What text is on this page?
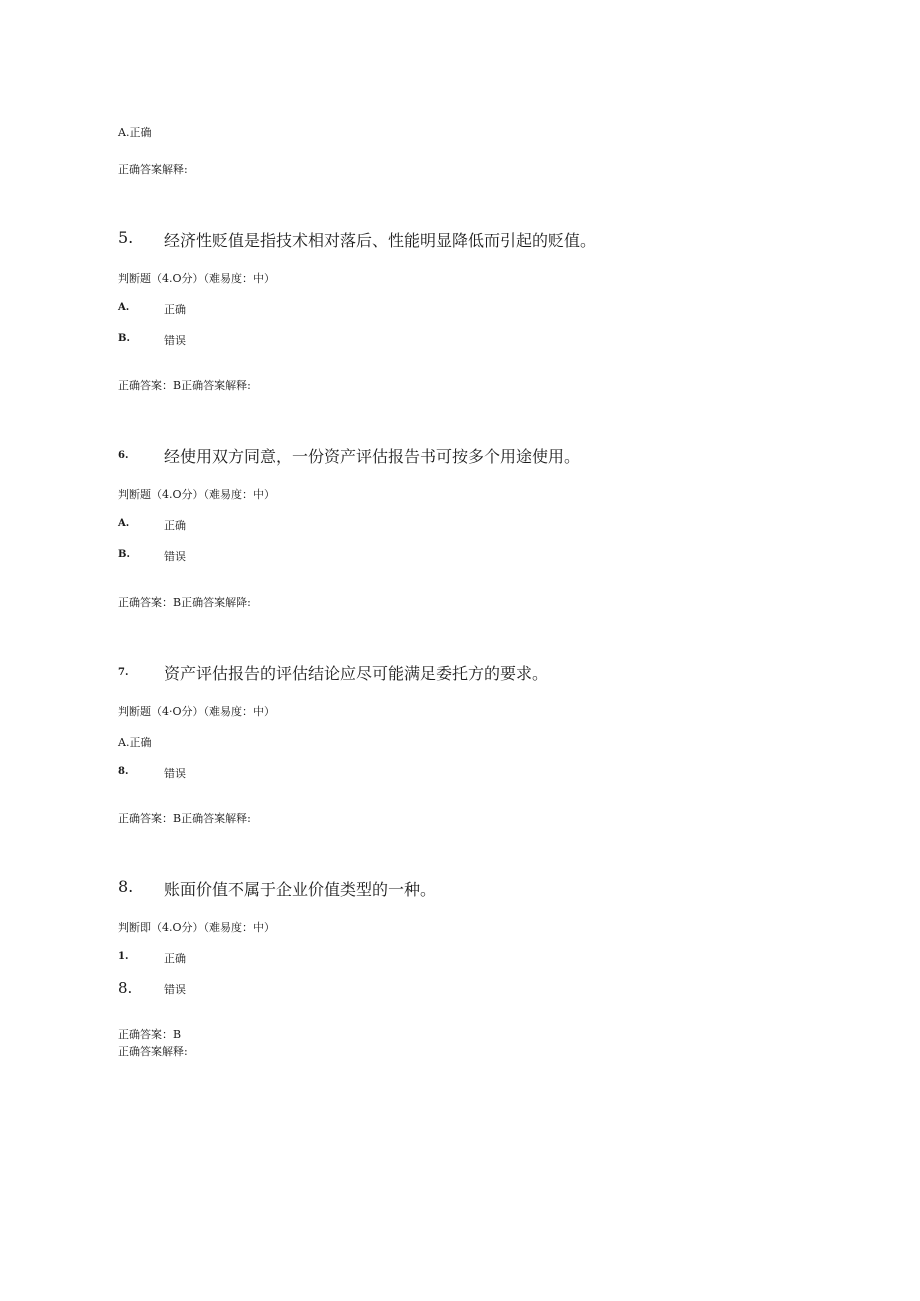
A.正确
正确答案解释:
5. 经济性贬值是指技术相对落后、性能明显降低而引起的贬值。
判断题（4.O分）（难易度：中）
A.	正确
B.	错误
正确答案：B正确答案解释:
6. 经使用双方同意，一份资产评估报告书可按多个用途使用。
判断题（4.O分）（难易度：中）
A.	正确
B.	错误
正确答案：B正确答案解降:
7. 资产评估报告的评估结论应尽可能满足委托方的要求。
判断题（4·O分）（难易度：中）
A.正确
8.	错误
正确答案：B正确答案解释:
8. 账面价值不属于企业价值类型的一种。
判断即（4.O分）（难易度：中）
1.	正确
8.	错误
正确答案：B
正确答案解释:
